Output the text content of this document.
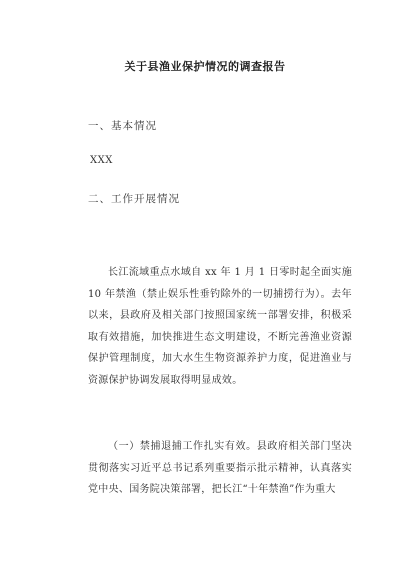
关于县渔业保护情况的调查报告
一、基本情况
XXX
二、工作开展情况

长江流域重点水域自 xx 年 1 月 1 日零时起全面实施 10 年禁渔（禁止娱乐性垂钓除外的一切捕捞行为）。去年以来，县政府及相关部门按照国家统一部署安排，积极采取有效措施，加快推进生态文明建设，不断完善渔业资源保护管理制度，加大水生生物资源养护力度，促进渔业与资源保护协调发展取得明显成效。

（一）禁捕退捕工作扎实有效。县政府相关部门坚决贯彻落实习近平总书记系列重要指示批示精神，认真落实党中央、国务院决策部署，把长江“十年禁渔”作为重大
